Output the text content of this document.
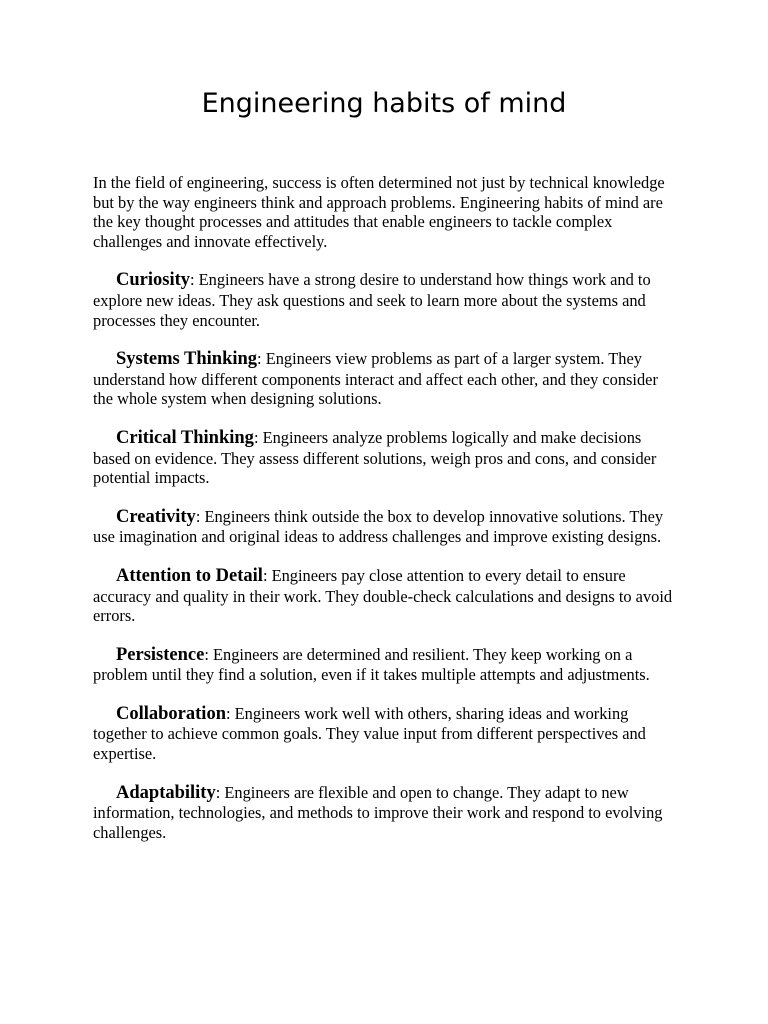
Engineering habits of mind

In the field of engineering, success is often determined not just by technical knowledge but by the way engineers think and approach problems. Engineering habits of mind are the key thought processes and attitudes that enable engineers to tackle complex challenges and innovate effectively.

Curiosity: Engineers have a strong desire to understand how things work and to explore new ideas. They ask questions and seek to learn more about the systems and processes they encounter.

Systems Thinking: Engineers view problems as part of a larger system. They understand how different components interact and affect each other, and they consider the whole system when designing solutions.

Critical Thinking: Engineers analyze problems logically and make decisions based on evidence. They assess different solutions, weigh pros and cons, and consider potential impacts.

Creativity: Engineers think outside the box to develop innovative solutions. They use imagination and original ideas to address challenges and improve existing designs.

Attention to Detail: Engineers pay close attention to every detail to ensure accuracy and quality in their work. They double-check calculations and designs to avoid errors.

Persistence: Engineers are determined and resilient. They keep working on a problem until they find a solution, even if it takes multiple attempts and adjustments.

Collaboration: Engineers work well with others, sharing ideas and working together to achieve common goals. They value input from different perspectives and expertise.

Adaptability: Engineers are flexible and open to change. They adapt to new information, technologies, and methods to improve their work and respond to evolving challenges.
